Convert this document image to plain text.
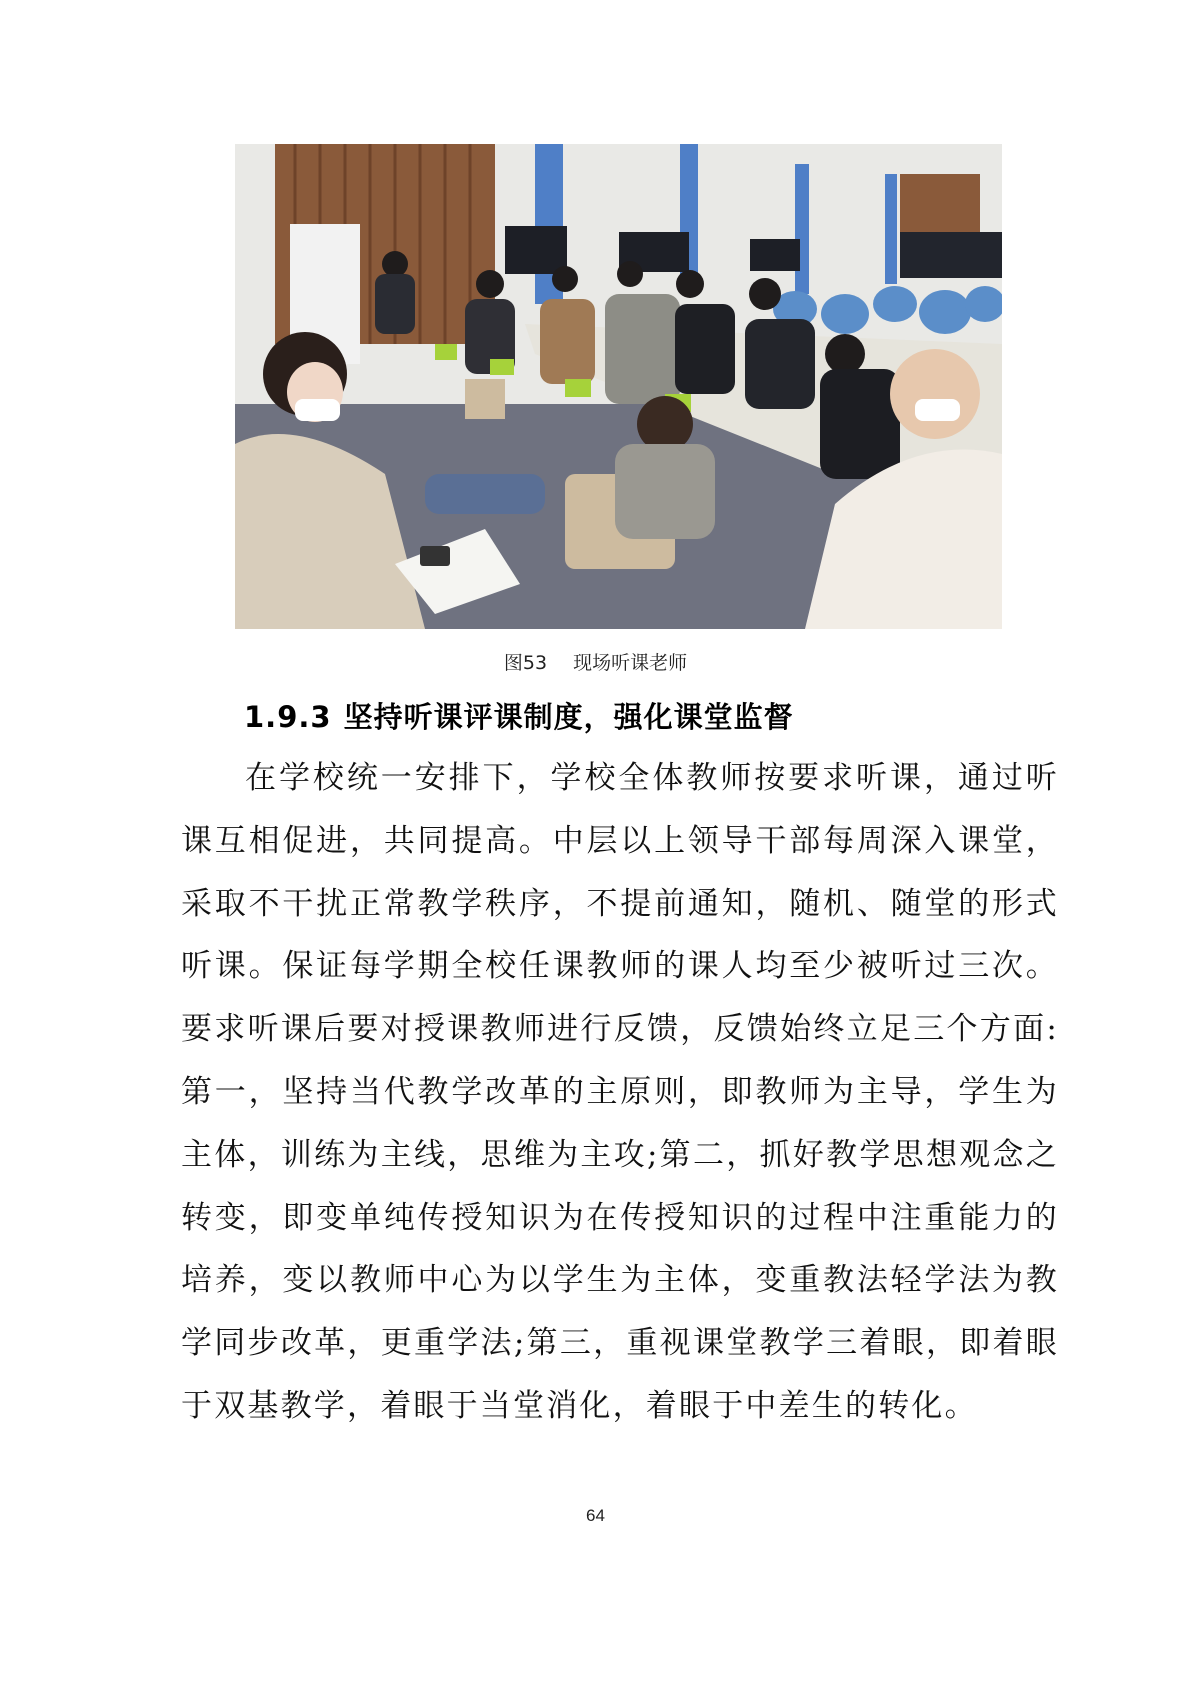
图53 现场听课老师
1.9.3 坚持听课评课制度，强化课堂监督

在学校统一安排下，学校全体教师按要求听课，通过听课互相促进，共同提高。中层以上领导干部每周深入课堂，采取不干扰正常教学秩序，不提前通知，随机、随堂的形式听课。保证每学期全校任课教师的课人均至少被听过三次。要求听课后要对授课教师进行反馈，反馈始终立足三个方面:第一，坚持当代教学改革的主原则，即教师为主导，学生为主体，训练为主线，思维为主攻;第二，抓好教学思想观念之转变，即变单纯传授知识为在传授知识的过程中注重能力的培养，变以教师中心为以学生为主体，变重教法轻学法为教学同步改革，更重学法;第三，重视课堂教学三着眼，即着眼于双基教学，着眼于当堂消化，着眼于中差生的转化。

64
